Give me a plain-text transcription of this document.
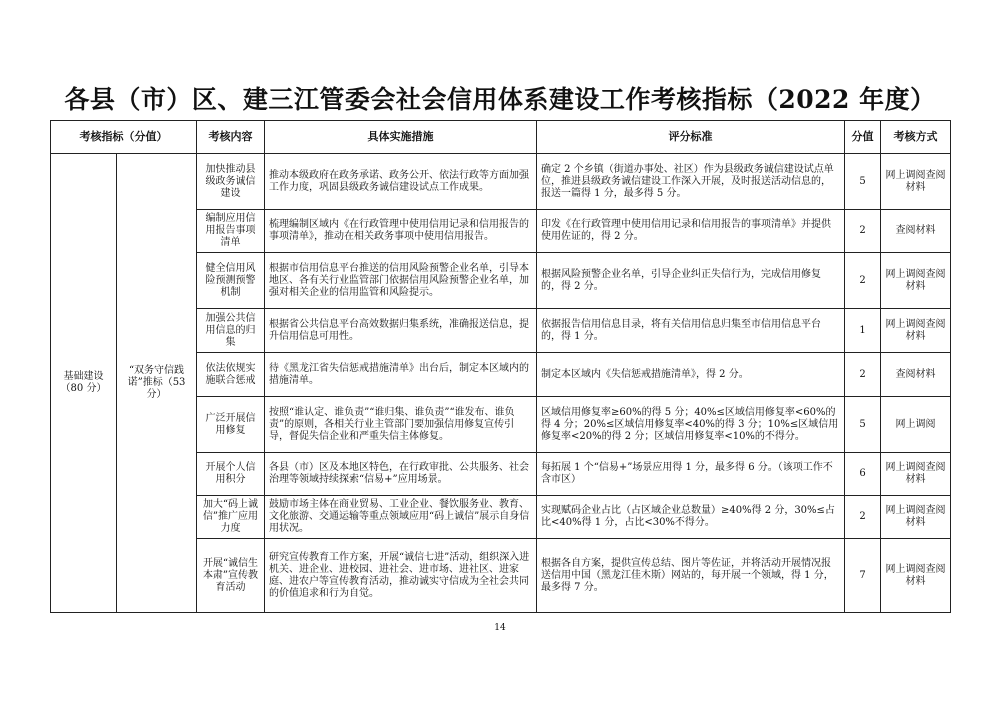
各县（市）区、建三江管委会社会信用体系建设工作考核指标（2022 年度）
考核指标（分值）		考核内容	具体实施措施	评分标准	分值	考核方式
基础建设（80 分）	“双务守信践诺”推标（53 分）	加快推动县级政务诚信建设	推动本级政府在政务承诺、政务公开、依法行政等方面加强工作力度，巩固县级政务诚信建设试点工作成果。	确定 2 个乡镇（街道办事处、社区）作为县级政务诚信建设试点单位，推进县级政务诚信建设工作深入开展，及时报送活动信息的，报送一篇得 1 分，最多得 5 分。	5	网上调阅查阅材料
		编制应用信用报告事项清单	梳理编制区域内《在行政管理中使用信用记录和信用报告的事项清单》，推动在相关政务事项中使用信用报告。	印发《在行政管理中使用信用记录和信用报告的事项清单》并提供使用佐证的，得 2 分。	2	查阅材料
		健全信用风险预测预警机制	根据市信用信息平台推送的信用风险预警企业名单，引导本地区、各有关行业监管部门依据信用风险预警企业名单，加强对相关企业的信用监管和风险提示。	根据风险预警企业名单，引导企业纠正失信行为，完成信用修复的，得 2 分。	2	网上调阅查阅材料
		加强公共信用信息的归集	根据省公共信息平台高效数据归集系统，准确报送信息，提升信用信息可用性。	依据报告信用信息目录，将有关信用信息归集至市信用信息平台的，得 1 分。	1	网上调阅查阅材料
		依法依规实施联合惩戒	待《黑龙江省失信惩戒措施清单》出台后，制定本区域内的措施清单。	制定本区域内《失信惩戒措施清单》，得 2 分。	2	查阅材料
		广泛开展信用修复	按照“谁认定、谁负责”“谁归集、谁负责”“谁发布、谁负责”的原则，各相关行业主管部门要加强信用修复宣传引导，督促失信企业和严重失信主体修复。	区域信用修复率≥60%的得 5 分；40%≤区域信用修复率<60%的得 4 分；20%≤区域信用修复率<40%的得 3 分；10%≤区域信用修复率<20%的得 2 分；区域信用修复率<10%的不得分。	5	网上调阅
		开展个人信用积分	各县（市）区及本地区特色，在行政审批、公共服务、社会治理等领域持续探索“信易+”应用场景。	每拓展 1 个“信易+”场景应用得 1 分，最多得 6 分。（该项工作不含市区）	6	网上调阅查阅材料
		加大“码上诚信”推广应用力度	鼓励市场主体在商业贸易、工业企业、餐饮服务业、教育、文化旅游、交通运输等重点领域应用“码上诚信”展示自身信用状况。	实现赋码企业占比（占区域企业总数量）≥40%得 2 分，30%≤占比<40%得 1 分，占比<30%不得分。	2	网上调阅查阅材料
		开展“诚信生本肃”宣传教育活动	研究宣传教育工作方案，开展“诚信七进”活动，组织深入进机关、进企业、进校园、进社会、进市场、进社区、进家庭、进农户等宣传教育活动，推动诚实守信成为全社会共同的价值追求和行为自觉。	根据各自方案，提供宣传总结、图片等佐证，并将活动开展情况报送信用中国（黑龙江佳木斯）网站的，每开展一个领域，得 1 分，最多得 7 分。	7	网上调阅查阅材料
14
